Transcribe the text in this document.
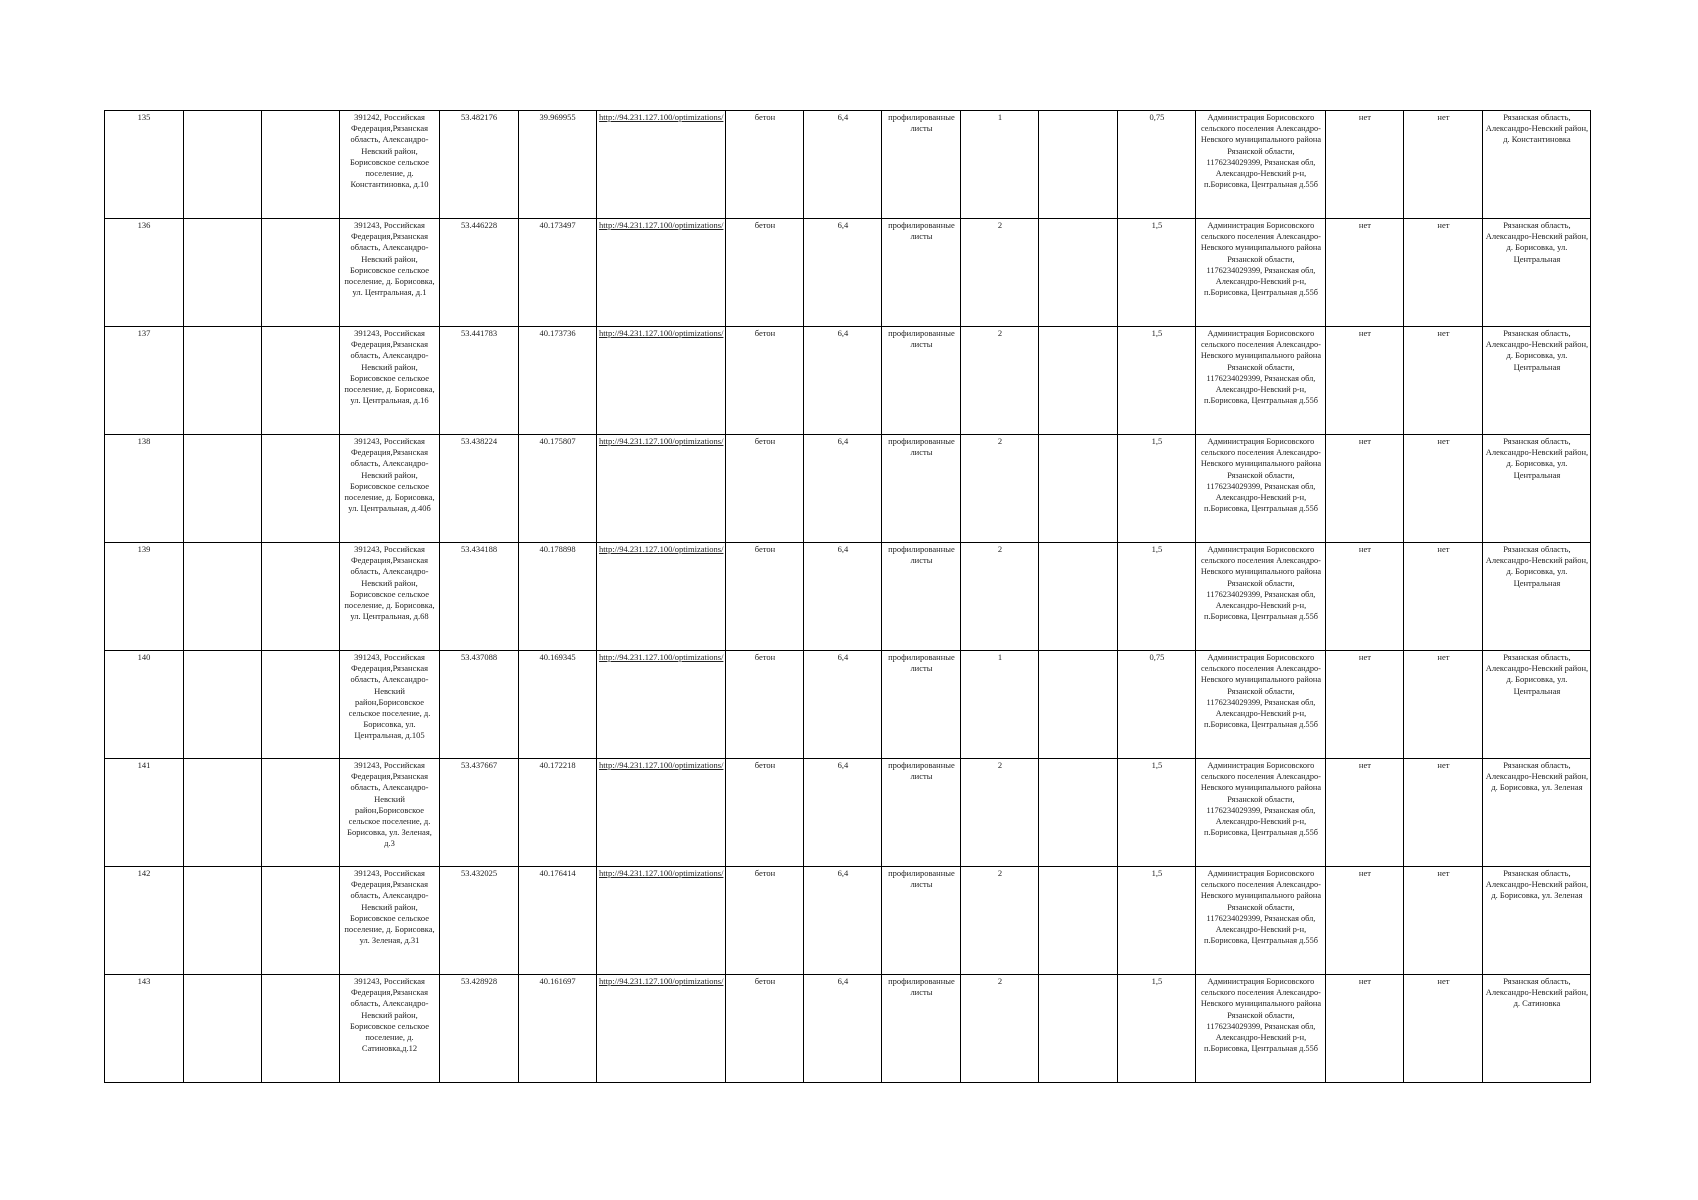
135			391242, Российская Федерация,Рязанская область, Александро-Невский район, Борисовское сельское поселение, д. Константиновка, д.10	53.482176	39.969955	http://94.231.127.100/optimizations/	бетон	6,4	профилированные листы	1		0,75	Администрация Борисовского сельского поселения Александро-Невского муниципального района Рязанской области, 1176234029399, Рязанская обл, Александро-Невский р-н, п.Борисовка, Центральная д.55б	нет	нет	Рязанская область, Александро-Невский район, д. Константиновка
136			391243, Российская Федерация,Рязанская область, Александро-Невский район, Борисовское сельское поселение, д. Борисовка, ул. Центральная, д.1	53.446228	40.173497	http://94.231.127.100/optimizations/	бетон	6,4	профилированные листы	2		1,5	Администрация Борисовского сельского поселения Александро-Невского муниципального района Рязанской области, 1176234029399, Рязанская обл, Александро-Невский р-н, п.Борисовка, Центральная д.55б	нет	нет	Рязанская область, Александро-Невский район, д. Борисовка, ул. Центральная
137			391243, Российская Федерация,Рязанская область, Александро-Невский район, Борисовское сельское поселение, д. Борисовка, ул. Центральная, д.16	53.441783	40.173736	http://94.231.127.100/optimizations/	бетон	6,4	профилированные листы	2		1,5	Администрация Борисовского сельского поселения Александро-Невского муниципального района Рязанской области, 1176234029399, Рязанская обл, Александро-Невский р-н, п.Борисовка, Центральная д.55б	нет	нет	Рязанская область, Александро-Невский район, д. Борисовка, ул. Центральная
138			391243, Российская Федерация,Рязанская область, Александро-Невский район, Борисовское сельское поселение, д. Борисовка, ул. Центральная, д.40б	53.438224	40.175807	http://94.231.127.100/optimizations/	бетон	6,4	профилированные листы	2		1,5	Администрация Борисовского сельского поселения Александро-Невского муниципального района Рязанской области, 1176234029399, Рязанская обл, Александро-Невский р-н, п.Борисовка, Центральная д.55б	нет	нет	Рязанская область, Александро-Невский район, д. Борисовка, ул. Центральная
139			391243, Российская Федерация,Рязанская область, Александро-Невский район, Борисовское сельское поселение, д. Борисовка, ул. Центральная, д.68	53.434188	40.178898	http://94.231.127.100/optimizations/	бетон	6,4	профилированные листы	2		1,5	Администрация Борисовского сельского поселения Александро-Невского муниципального района Рязанской области, 1176234029399, Рязанская обл, Александро-Невский р-н, п.Борисовка, Центральная д.55б	нет	нет	Рязанская область, Александро-Невский район, д. Борисовка, ул. Центральная
140			391243, Российская Федерация,Рязанская область, Александро-Невский район,Борисовское сельское поселение, д. Борисовка, ул. Центральная, д.105	53.437088	40.169345	http://94.231.127.100/optimizations/	бетон	6,4	профилированные листы	1		0,75	Администрация Борисовского сельского поселения Александро-Невского муниципального района Рязанской области, 1176234029399, Рязанская обл, Александро-Невский р-н, п.Борисовка, Центральная д.55б	нет	нет	Рязанская область, Александро-Невский район, д. Борисовка, ул. Центральная
141			391243, Российская Федерация,Рязанская область, Александро-Невский район,Борисовское сельское поселение, д. Борисовка, ул. Зеленая, д.3	53.437667	40.172218	http://94.231.127.100/optimizations/	бетон	6,4	профилированные листы	2		1,5	Администрация Борисовского сельского поселения Александро-Невского муниципального района Рязанской области, 1176234029399, Рязанская обл, Александро-Невский р-н, п.Борисовка, Центральная д.55б	нет	нет	Рязанская область, Александро-Невский район, д. Борисовка, ул. Зеленая
142			391243, Российская Федерация,Рязанская область, Александро-Невский район, Борисовское сельское поселение, д. Борисовка, ул. Зеленая, д.31	53.432025	40.176414	http://94.231.127.100/optimizations/	бетон	6,4	профилированные листы	2		1,5	Администрация Борисовского сельского поселения Александро-Невского муниципального района Рязанской области, 1176234029399, Рязанская обл, Александро-Невский р-н, п.Борисовка, Центральная д.55б	нет	нет	Рязанская область, Александро-Невский район, д. Борисовка, ул. Зеленая
143			391243, Российская Федерация,Рязанская область, Александро-Невский район, Борисовское сельское поселение, д. Сатиновка,д.12	53.428928	40.161697	http://94.231.127.100/optimizations/	бетон	6,4	профилированные листы	2		1,5	Администрация Борисовского сельского поселения Александро-Невского муниципального района Рязанской области, 1176234029399, Рязанская обл, Александро-Невский р-н, п.Борисовка, Центральная д.55б	нет	нет	Рязанская область, Александро-Невский район, д. Сатиновка
